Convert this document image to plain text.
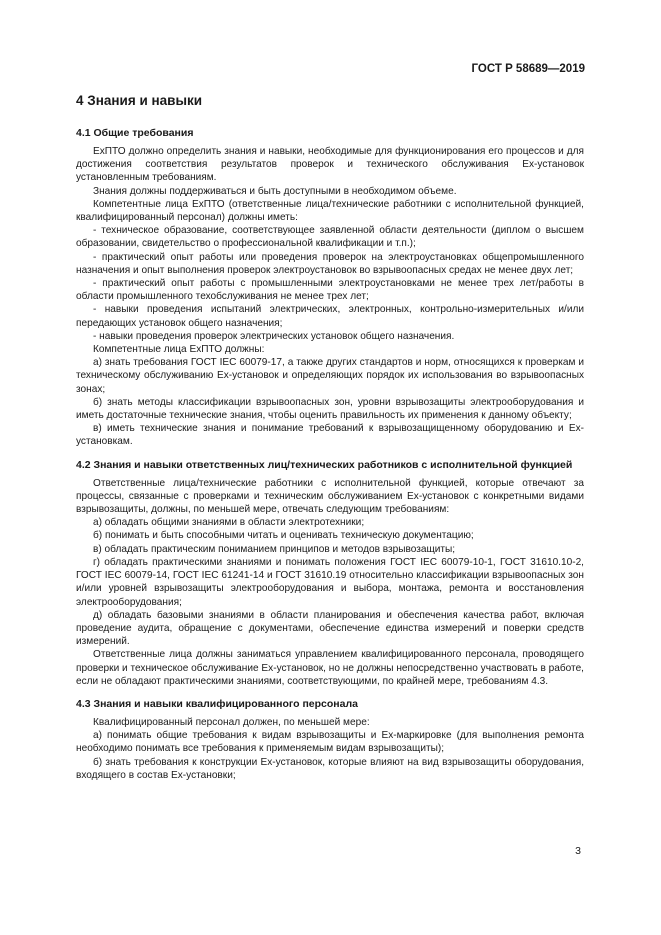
ГОСТ Р 58689—2019
4 Знания и навыки
4.1 Общие требования

ExПТО должно определить знания и навыки, необходимые для функционирования его процессов и для достижения соответствия результатов проверок и технического обслуживания Ex-установок установленным требованиям.

Знания должны поддерживаться и быть доступными в необходимом объеме.

Компетентные лица ExПТО (ответственные лица/технические работники с исполнительной функцией, квалифицированный персонал) должны иметь:

- техническое образование, соответствующее заявленной области деятельности (диплом о высшем образовании, свидетельство о профессиональной квалификации и т.п.);

- практический опыт работы или проведения проверок на электроустановках общепромышленного назначения и опыт выполнения проверок электроустановок во взрывоопасных средах не менее двух лет;

- практический опыт работы с промышленными электроустановками не менее трех лет/работы в области промышленного техобслуживания не менее трех лет;

- навыки проведения испытаний электрических, электронных, контрольно-измерительных и/или передающих установок общего назначения;

- навыки проведения проверок электрических установок общего назначения.

Компетентные лица ExПТО должны:

а) знать требования ГОСТ IEC 60079-17, а также других стандартов и норм, относящихся к проверкам и техническому обслуживанию Ex-установок и определяющих порядок их использования во взрывоопасных зонах;

б) знать методы классификации взрывоопасных зон, уровни взрывозащиты электрооборудования и иметь достаточные технические знания, чтобы оценить правильность их применения к данному объекту;

в) иметь технические знания и понимание требований к взрывозащищенному оборудованию и Ex-установкам.

4.2 Знания и навыки ответственных лиц/технических работников с исполнительной функцией

Ответственные лица/технические работники с исполнительной функцией, которые отвечают за процессы, связанные с проверками и техническим обслуживанием Ex-установок с конкретными видами взрывозащиты, должны, по меньшей мере, отвечать следующим требованиям:

а) обладать общими знаниями в области электротехники;

б) понимать и быть способными читать и оценивать техническую документацию;

в) обладать практическим пониманием принципов и методов взрывозащиты;

г) обладать практическими знаниями и понимать положения ГОСТ IEC 60079-10-1, ГОСТ 31610.10-2, ГОСТ IEC 60079-14, ГОСТ IEC 61241-14 и ГОСТ 31610.19 относительно классификации взрывоопасных зон и/или уровней взрывозащиты электрооборудования и выбора, монтажа, ремонта и восстановления электрооборудования;

д) обладать базовыми знаниями в области планирования и обеспечения качества работ, включая проведение аудита, обращение с документами, обеспечение единства измерений и поверки средств измерений.

Ответственные лица должны заниматься управлением квалифицированного персонала, проводящего проверки и техническое обслуживание Ex-установок, но не должны непосредственно участвовать в работе, если не обладают практическими знаниями, соответствующими, по крайней мере, требованиям 4.3.

4.3 Знания и навыки квалифицированного персонала

Квалифицированный персонал должен, по меньшей мере:

а) понимать общие требования к видам взрывозащиты и Ex-маркировке (для выполнения ремонта необходимо понимать все требования к применяемым видам взрывозащиты);

б) знать требования к конструкции Ex-установок, которые влияют на вид взрывозащиты оборудования, входящего в состав Ex-установки;

3
